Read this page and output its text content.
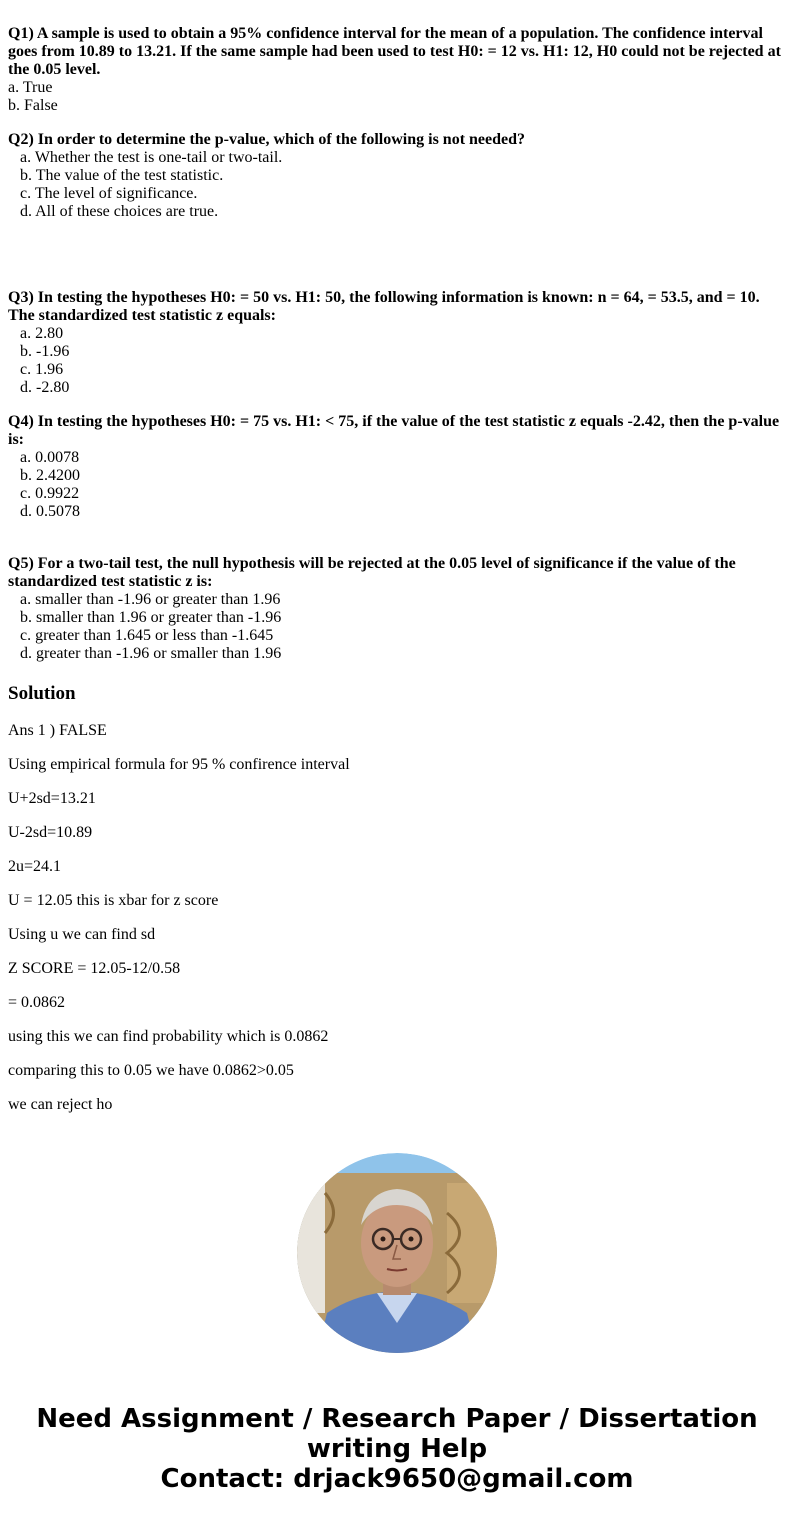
Q1) A sample is used to obtain a 95% confidence interval for the mean of a population. The confidence interval goes from 10.89 to 13.21. If the same sample had been used to test H0: = 12 vs. H1: 12, H0 could not be rejected at the 0.05 level.

a. True

b. False

Q2) In order to determine the p-value, which of the following is not needed?

a. Whether the test is one-tail or two-tail.

b. The value of the test statistic.

c. The level of significance.

d. All of these choices are true.

Q3) In testing the hypotheses H0: = 50 vs. H1: 50, the following information is known: n = 64, = 53.5, and = 10. The standardized test statistic z equals:

a. 2.80

b. -1.96

c. 1.96

d. -2.80

Q4) In testing the hypotheses H0: = 75 vs. H1: < 75, if the value of the test statistic z equals -2.42, then the p-value is:

a. 0.0078

b. 2.4200

c. 0.9922

d. 0.5078

Q5) For a two-tail test, the null hypothesis will be rejected at the 0.05 level of significance if the value of the standardized test statistic z is:

a. smaller than -1.96 or greater than 1.96

b. smaller than 1.96 or greater than -1.96

c. greater than 1.645 or less than -1.645

d. greater than -1.96 or smaller than 1.96

Solution

Ans 1 ) FALSE

Using empirical formula for 95 % confirence interval

U+2sd=13.21

U-2sd=10.89

2u=24.1

U = 12.05 this is xbar for z score

Using u we can find sd

Z SCORE = 12.05-12/0.58

= 0.0862

using this we can find probability which is 0.0862

comparing this to 0.05 we have 0.0862>0.05

we can reject ho

Need Assignment / Research Paper / Dissertation
writing Help
Contact: drjack9650@gmail.com
